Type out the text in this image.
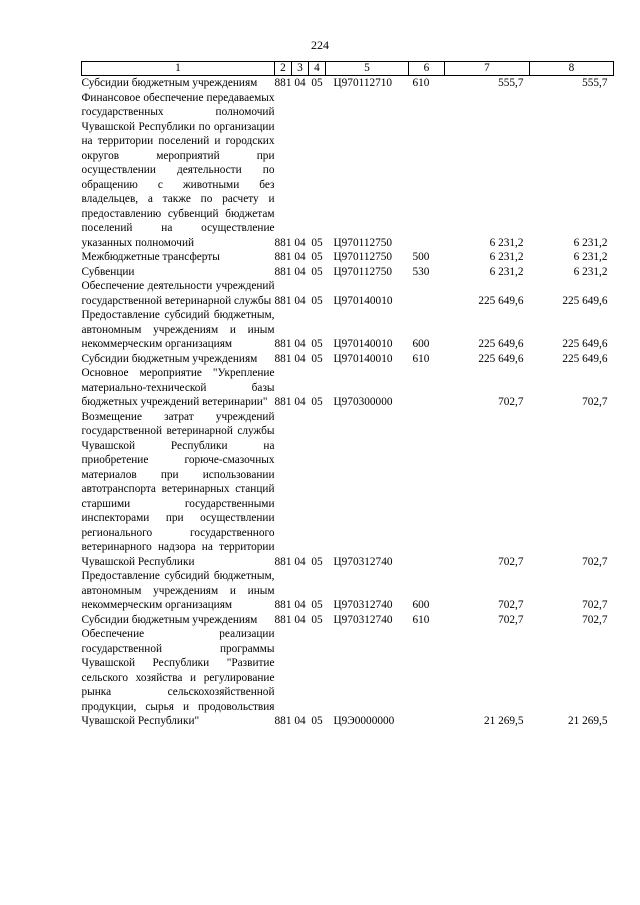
224
1	2	3	4	5	6	7	8
Субсидии бюджетным учреждениям	881	04	05	Ц970112710	610	555,7	555,7
Финансовое обеспечение передаваемых государственных полномочий Чувашской Республики по организации на территории поселений и городских округов мероприятий при осуществлении деятельности по обращению с животными без владельцев, а также по расчету и предоставлению субвенций бюджетам поселений на осуществление указанных полномочий	881	04	05	Ц970112750		6 231,2	6 231,2
Межбюджетные трансферты	881	04	05	Ц970112750	500	6 231,2	6 231,2
Субвенции	881	04	05	Ц970112750	530	6 231,2	6 231,2
Обеспечение деятельности учреждений государственной ветеринарной службы	881	04	05	Ц970140010		225 649,6	225 649,6
Предоставление субсидий бюджетным, автономным учреждениям и иным некоммерческим организациям	881	04	05	Ц970140010	600	225 649,6	225 649,6
Субсидии бюджетным учреждениям	881	04	05	Ц970140010	610	225 649,6	225 649,6
Основное мероприятие "Укрепление материально-технической базы бюджетных учреждений ветеринарии"	881	04	05	Ц970300000		702,7	702,7
Возмещение затрат учреждений государственной ветеринарной службы Чувашской Республики на приобретение горюче-смазочных материалов при использовании автотранспорта ветеринарных станций старшими государственными инспекторами при осуществлении регионального государственного ветеринарного надзора на территории Чувашской Республики	881	04	05	Ц970312740		702,7	702,7
Предоставление субсидий бюджетным, автономным учреждениям и иным некоммерческим организациям	881	04	05	Ц970312740	600	702,7	702,7
Субсидии бюджетным учреждениям	881	04	05	Ц970312740	610	702,7	702,7
Обеспечение реализации государственной программы Чувашской Республики "Развитие сельского хозяйства и регулирование рынка сельскохозяйственной продукции, сырья и продовольствия Чувашской Республики"	881	04	05	Ц9Э0000000		21 269,5	21 269,5
